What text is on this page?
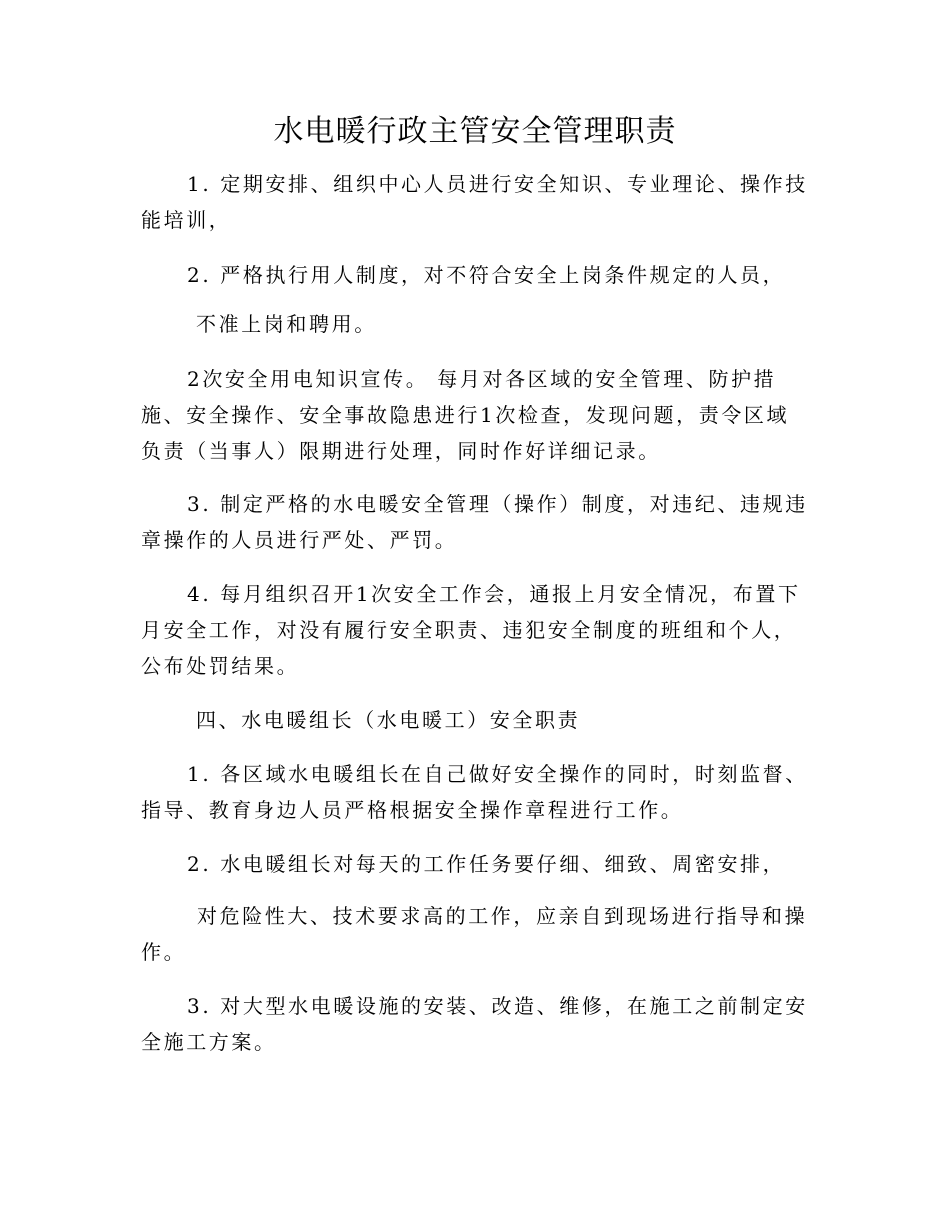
水电暖行政主管安全管理职责

1. 定期安排、组织中心人员进行安全知识、专业理论、操作技能培训，

2. 严格执行用人制度，对不符合安全上岗条件规定的人员，

不准上岗和聘用。

2次安全用电知识宣传。 每月对各区域的安全管理、防护措施、安全操作、安全事故隐患进行1次检查，发现问题，责令区域负责（当事人）限期进行处理，同时作好详细记录。

3. 制定严格的水电暖安全管理（操作）制度，对违纪、违规违章操作的人员进行严处、严罚。

4. 每月组织召开1次安全工作会，通报上月安全情况，布置下月安全工作，对没有履行安全职责、违犯安全制度的班组和个人，公布处罚结果。

四、水电暖组长（水电暖工）安全职责

1. 各区域水电暖组长在自己做好安全操作的同时，时刻监督、指导、教育身边人员严格根据安全操作章程进行工作。

2. 水电暖组长对每天的工作任务要仔细、细致、周密安排，

对危险性大、技术要求高的工作，应亲自到现场进行指导和操作。

3. 对大型水电暖设施的安装、改造、维修，在施工之前制定安全施工方案。
